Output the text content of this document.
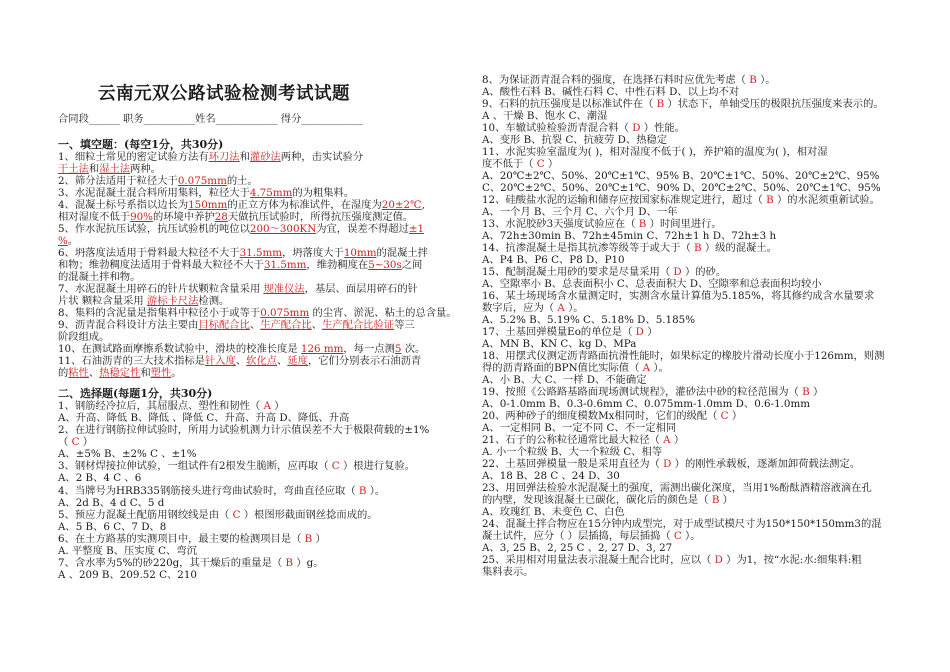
云南元双公路试验检测考试试题
合同段______ 职务__________姓名____________ 得分____________
一、填空题：(每空1分，共30分)
1、细粒土常见的密定试验方法有环刀法和灌砂法两种，击实试验分
干土法和湿土法两种。
2、筛分法适用于粒径大于0.075mm的土。
3、水泥混凝土混合料所用集料，粒径大于4.75mm的为粗集料。
4、混凝土标号系指以边长为150mm的正立方体为标准试件，在湿度为20±2℃,
相对湿度不低于90%的环境中养护28天做抗压试验时，所得抗压强度测定值。
5、作水泥抗压试验，抗压试验机的吨位以200～300KN为宜，误差不得超过±1
%。
6、坍落度法适用于骨料最大粒径不大于31.5mm，坍落度大于10mm的混凝土拌
和物；维勃稠度法适用于骨料最大粒径不大于31.5mm，维勃稠度在5~30s之间
的混凝土拌和物。
7、水泥混凝土用碎石的针片状颗粒含量采用 规准仪法，基层、面层用碎石的针
片状 颗粒含量采用 游标卡尺法检测。
8、集料的含泥量是指集料中粒径小于或等于0.075mm 的尘宵、淤泥、粘土的总含量。
9、沥青混合料设计方法主要由目标配合比、生产配合比、生产配合比验证等三
阶段组成。
10、在测试路面摩擦系数试验中，滑块的校准长度是 126 mm，每一点测5 次。
11、石油沥青的三大技术指标是针入度、软化点、延度，它们分别表示石油沥青
的粘性、热稳定性和塑性。
二、选择题(每题1分，共30分)
1、钢筋经冷拉后，其屈服点、塑性和韧性（ A ）
A、升高、降低 B、降低 、降低 C、升高、升高 D、降低、升高
2、在进行钢筋拉伸试验时，所用力试验机测力计示值误差不大于极限荷载的±1%
（ C ）
A、±5% B、±2% C 、±1%
3、钢材焊接拉伸试验，一组试件有2根发生脆断，应再取（ C ）根进行复验。
A、2 B、4 C 、6
4、当牌号为HRB335钢筋接头进行弯曲试验时，弯曲直径应取（ B ）。
A、2d B、4 d C、5 d
5、预应力混凝土配筋用钢绞线是由（ C ）根图形截面钢丝捻而成的。
A、5 B、6 C、7 D、8
6、在土方路基的实测项目中，最主要的检测项目是（ B ）
A. 平整度 B、压实度 C、弯沉
7、含水率为5%的砂220g，其干燥后的重量是（ B ）g。
A 、209 B、209.52 C、210
8、为保证沥青混合料的强度，在选择石料时应优先考虑（ B ）。
A、酸性石料 B、碱性石料 C、中性石料 D、以上均不对
9、石料的抗压强度是以标准试件在（ B ）状态下，单轴受压的极限抗压强度来表示的。
A 、干燥 B、饱水 C、潮湿
10、车辙试验检验沥青混合料（ D ）性能。
A、变形 B、抗裂 C、抗疲劳 D、热稳定
11、水泥实验室温度为( )，相对湿度不低于( )，养护箱的温度为( )，相对湿
度不低于（ C ）
A、20℃±2℃、50%、20℃±1℃、95% B、20℃±1℃、50%、20℃±2℃、95%
C、20℃±2℃、50%、20℃±1℃、90% D、20℃±2℃、50%、20℃±1℃、95%
12、硅酸盐水泥的运输和储存应按国家标准规定进行，超过（ B ）的水泥须重新试验。
A、一个月 B、三个月 C、六个月 D、一年
13、水泥胶砂3天强度试验应在（ B ）时间里进行。
A、72h±30min B、72h±45min C、72h±1 h D、72h±3 h
14、抗渗混凝土是指其抗渗等级等于或大于（ B ）级的混凝土。
A、P4 B、P6 C、P8 D、P10
15、配制混凝土用砂的要求是尽量采用（ D ）的砂。
A、空隙率小 B、总表面积小 C、总表面积大 D、空隙率和总表面积均较小
16、某土场现场含水量测定时，实测含水量计算值为5.185%，将其修约成含水量要求
数字后，应为（ A ）。
A、5.2% B、5.19% C、5.18% D、5.185%
17、土基回弹模量Eo的单位是（ D ）
A、MN B、KN C、kg D、MPa
18、用摆式仪测定沥青路面抗滑性能时，如果标定的橡胶片滑动长度小于126mm，则测
得的沥青路面的BPN值比实际值（ A ）。
A、小 B、大 C、一样 D、不能确定
19、按照《公路路基路面现场测试规程》，灌砂法中砂的粒径范围为（ B ）
A、0-1.0mm B、0.3-0.6mm C、0.075mm-1.0mm D、0.6-1.0mm
20、两种砂子的细度模数Mx相同时，它们的级配（ C ）
A、一定相同 B、一定不同 C、不一定相同
21、石子的公称粒径通常比最大粒径（ A ）
A. 小一个粒级 B、大一个粒级 C、相等
22、土基回弹模量一般是采用直径为（ D ）的刚性承载板，逐渐加卸荷载法测定。
A、18 B、28 C 、24 D、30
23、用回弹法检验水泥混凝土的强度，需测出碳化深度，当用1%酚酞酒精溶液滴在孔
的内壁，发现该混凝土已碳化，碳化后的颜色是（ B ）
A、玫瑰红 B、未变色 C、白色
24、混凝土拌合物应在15分钟内成型完，对于成型试模尺寸为150*150*150mm3的混
凝土试件，应分（ ）层插捣，每层插捣（ C ）。
A、3, 25 B、2, 25 C 、2, 27 D、3, 27
25、采用相对用量法表示混凝土配合比时，应以（ D ）为1，按“水泥:水:细集料:粗
集料表示。
